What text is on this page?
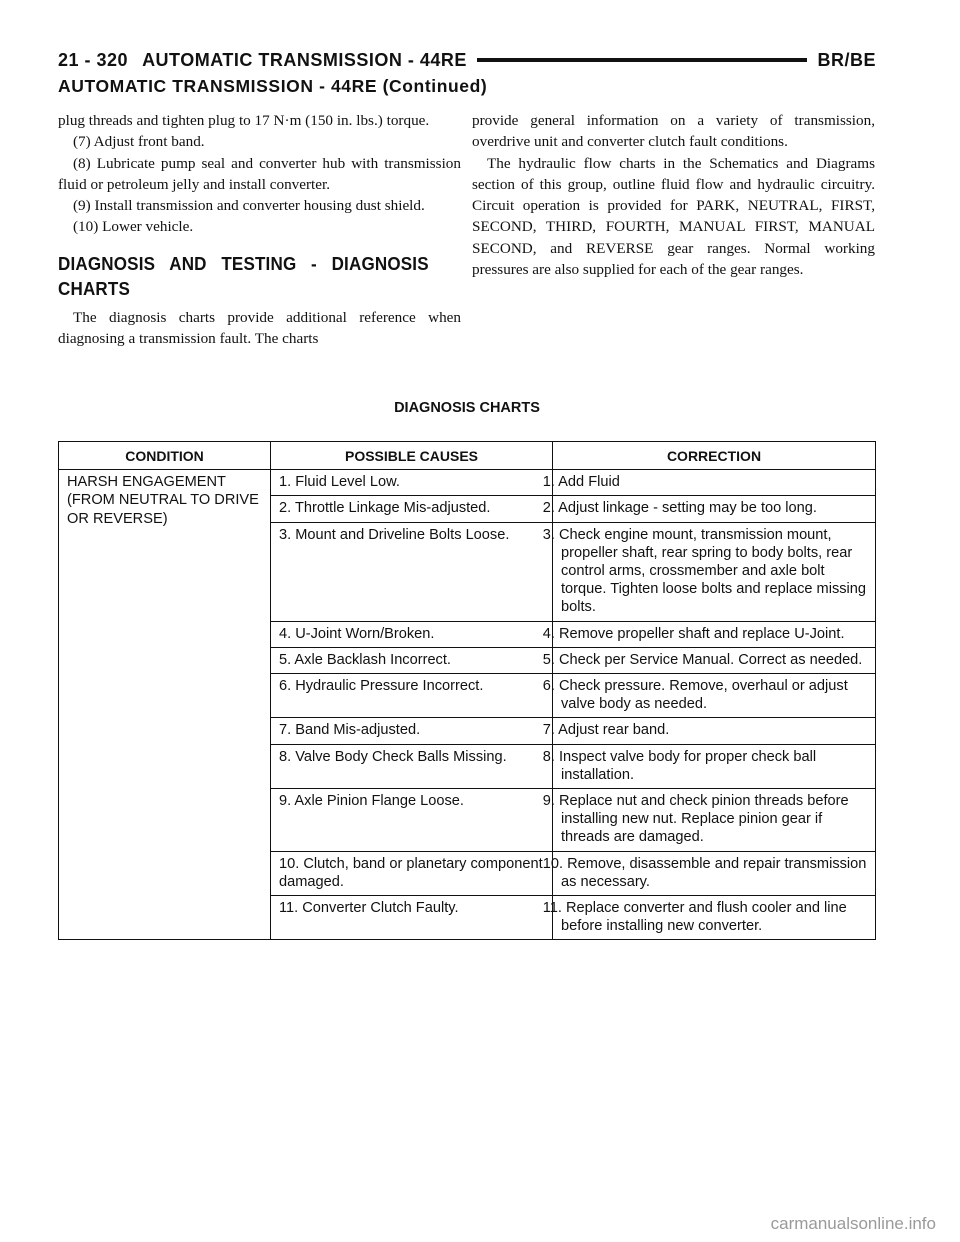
21 - 320 AUTOMATIC TRANSMISSION - 44RE	BR/BE
AUTOMATIC TRANSMISSION - 44RE (Continued)

plug threads and tighten plug to 17 N·m (150 in. lbs.) torque.

(7) Adjust front band.

(8) Lubricate pump seal and converter hub with transmission fluid or petroleum jelly and install converter.

(9) Install transmission and converter housing dust shield.

(10) Lower vehicle.

DIAGNOSIS AND TESTING - DIAGNOSIS CHARTS

The diagnosis charts provide additional reference when diagnosing a transmission fault. The charts

provide general information on a variety of transmission, overdrive unit and converter clutch fault conditions.

The hydraulic flow charts in the Schematics and Diagrams section of this group, outline fluid flow and hydraulic circuitry. Circuit operation is provided for PARK, NEUTRAL, FIRST, SECOND, THIRD, FOURTH, MANUAL FIRST, MANUAL SECOND, and REVERSE gear ranges. Normal working pressures are also supplied for each of the gear ranges.

DIAGNOSIS CHARTS
CONDITION	POSSIBLE CAUSES	CORRECTION
HARSH ENGAGEMENT (FROM NEUTRAL TO DRIVE OR REVERSE)	1. Fluid Level Low.	1. Add Fluid
	2. Throttle Linkage Mis-adjusted.	2. Adjust linkage - setting may be too long.
	3. Mount and Driveline Bolts Loose.	3. Check engine mount, transmission mount, propeller shaft, rear spring to body bolts, rear control arms, crossmember and axle bolt torque. Tighten loose bolts and replace missing bolts.
	4. U-Joint Worn/Broken.	4. Remove propeller shaft and replace U-Joint.
	5. Axle Backlash Incorrect.	5. Check per Service Manual. Correct as needed.
	6. Hydraulic Pressure Incorrect.	6. Check pressure. Remove, overhaul or adjust valve body as needed.
	7. Band Mis-adjusted.	7. Adjust rear band.
	8. Valve Body Check Balls Missing.	8. Inspect valve body for proper check ball installation.
	9. Axle Pinion Flange Loose.	9. Replace nut and check pinion threads before installing new nut. Replace pinion gear if threads are damaged.
	10. Clutch, band or planetary component damaged.	10. Remove, disassemble and repair transmission as necessary.
	11. Converter Clutch Faulty.	11. Replace converter and flush cooler and line before installing new converter.
carmanualsonline.info
